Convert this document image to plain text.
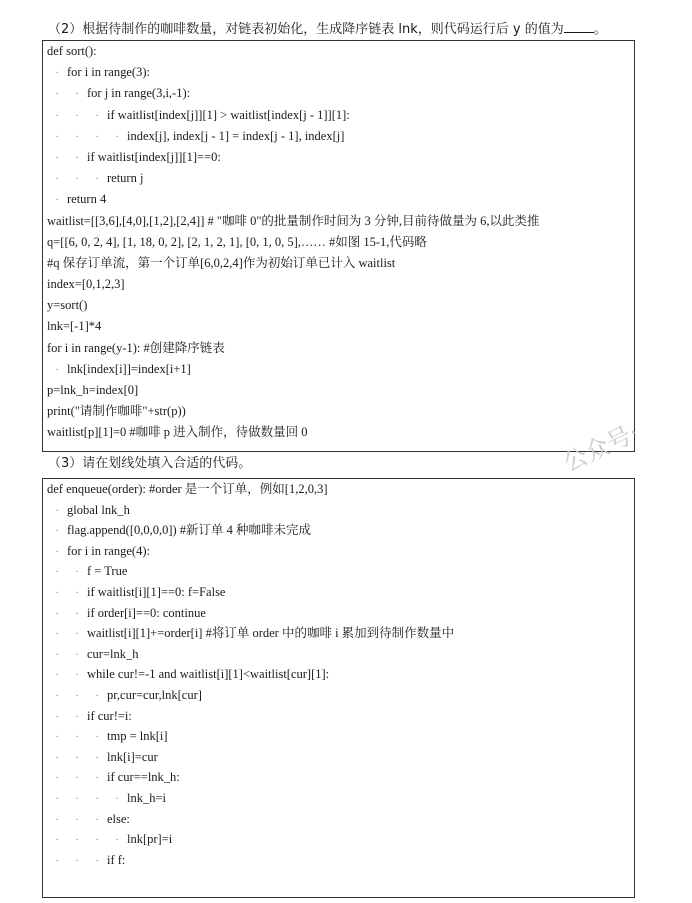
（2）根据待制作的咖啡数量，对链表初始化，生成降序链表 lnk，则代码运行后 y 的值为 。
def sort():
· for i in range(3):
· · for j in range(3,i,-1):
· · · if waitlist[index[j]][1] > waitlist[index[j - 1]][1]:
· · · · index[j], index[j - 1] = index[j - 1], index[j]
· · if waitlist[index[j]][1]==0:
· · · return j
· return 4
waitlist=[[3,6],[4,0],[1,2],[2,4]] # "咖啡 0"的批量制作时间为 3 分钟,目前待做量为 6,以此类推
q=[[6, 0, 2, 4], [1, 18, 0, 2], [2, 1, 2, 1], [0, 1, 0, 5],…… #如图 15-1,代码略
#q 保存订单流，第一个订单[6,0,2,4]作为初始订单已计入 waitlist
index=[0,1,2,3]
y=sort()
lnk=[-1]*4
for i in range(y-1): #创建降序链表
· lnk[index[i]]=index[i+1]
p=lnk_h=index[0]
print("请制作咖啡"+str(p))
waitlist[p][1]=0 #咖啡 p 进入制作，待做数量回 0
（3）请在划线处填入合适的代码。
def enqueue(order): #order 是一个订单，例如[1,2,0,3]
· global lnk_h
· flag.append([0,0,0,0]) #新订单 4 种咖啡未完成
· for i in range(4):
· · f = True
· · if waitlist[i][1]==0: f=False
· · if order[i]==0: continue
· · waitlist[i][1]+=order[i] #将订单 order 中的咖啡 i 累加到待制作数量中
· · cur=lnk_h
· · while cur!=-1 and waitlist[i][1]<waitlist[cur][1]:
· · · pr,cur=cur,lnk[cur]
· · if cur!=i:
· · · tmp = lnk[i]
· · · lnk[i]=cur
· · · if cur==lnk_h:
· · · · lnk_h=i
· · · else:
· · · · lnk[pr]=i
· · · if f:
公众号·
